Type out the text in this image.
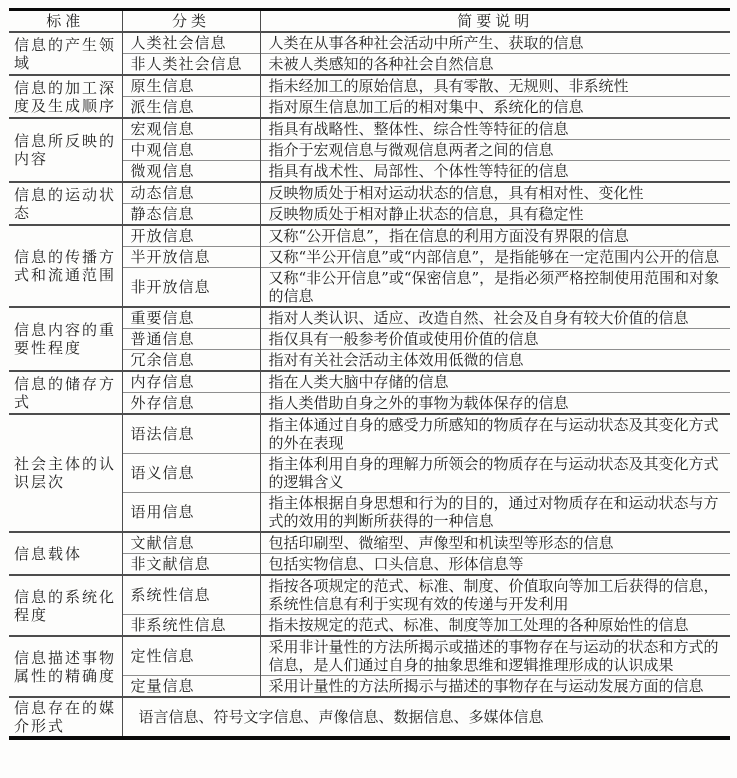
标准	分类	简要说明
信息的产生领域	人类社会信息	人类在从事各种社会活动中所产生、获取的信息
	非人类社会信息	未被人类感知的各种社会自然信息
信息的加工深度及生成顺序	原生信息	指未经加工的原始信息，具有零散、无规则、非系统性
	派生信息	指对原生信息加工后的相对集中、系统化的信息
信息所反映的内容	宏观信息	指具有战略性、整体性、综合性等特征的信息
	中观信息	指介于宏观信息与微观信息两者之间的信息
	微观信息	指具有战术性、局部性、个体性等特征的信息
信息的运动状态	动态信息	反映物质处于相对运动状态的信息，具有相对性、变化性
	静态信息	反映物质处于相对静止状态的信息，具有稳定性
信息的传播方式和流通范围	开放信息	又称“公开信息”，指在信息的利用方面没有界限的信息
	半开放信息	又称“半公开信息”或“内部信息”，是指能够在一定范围内公开的信息
	非开放信息	又称“非公开信息”或“保密信息”，是指必须严格控制使用范围和对象的信息
信息内容的重要性程度	重要信息	指对人类认识、适应、改造自然、社会及自身有较大价值的信息
	普通信息	指仅具有一般参考价值或使用价值的信息
	冗余信息	指对有关社会活动主体效用低微的信息
信息的储存方式	内存信息	指在人类大脑中存储的信息
	外存信息	指人类借助自身之外的事物为载体保存的信息
社会主体的认识层次	语法信息	指主体通过自身的感受力所感知的物质存在与运动状态及其变化方式的外在表现
	语义信息	指主体利用自身的理解力所领会的物质存在与运动状态及其变化方式的逻辑含义
	语用信息	指主体根据自身思想和行为的目的，通过对物质存在和运动状态与方式的效用的判断所获得的一种信息
信息载体	文献信息	包括印刷型、微缩型、声像型和机读型等形态的信息
	非文献信息	包括实物信息、口头信息、形体信息等
信息的系统化程度	系统性信息	指按各项规定的范式、标准、制度、价值取向等加工后获得的信息，系统性信息有利于实现有效的传递与开发利用
	非系统性信息	指未按规定的范式、标准、制度等加工处理的各种原始性的信息
信息描述事物属性的精确度	定性信息	采用非计量性的方法所揭示或描述的事物存在与运动的状态和方式的信息，是人们通过自身的抽象思维和逻辑推理形成的认识成果
	定量信息	采用计量性的方法所揭示与描述的事物存在与运动发展方面的信息
信息存在的媒介形式	语言信息、符号文字信息、声像信息、数据信息、多媒体信息	
